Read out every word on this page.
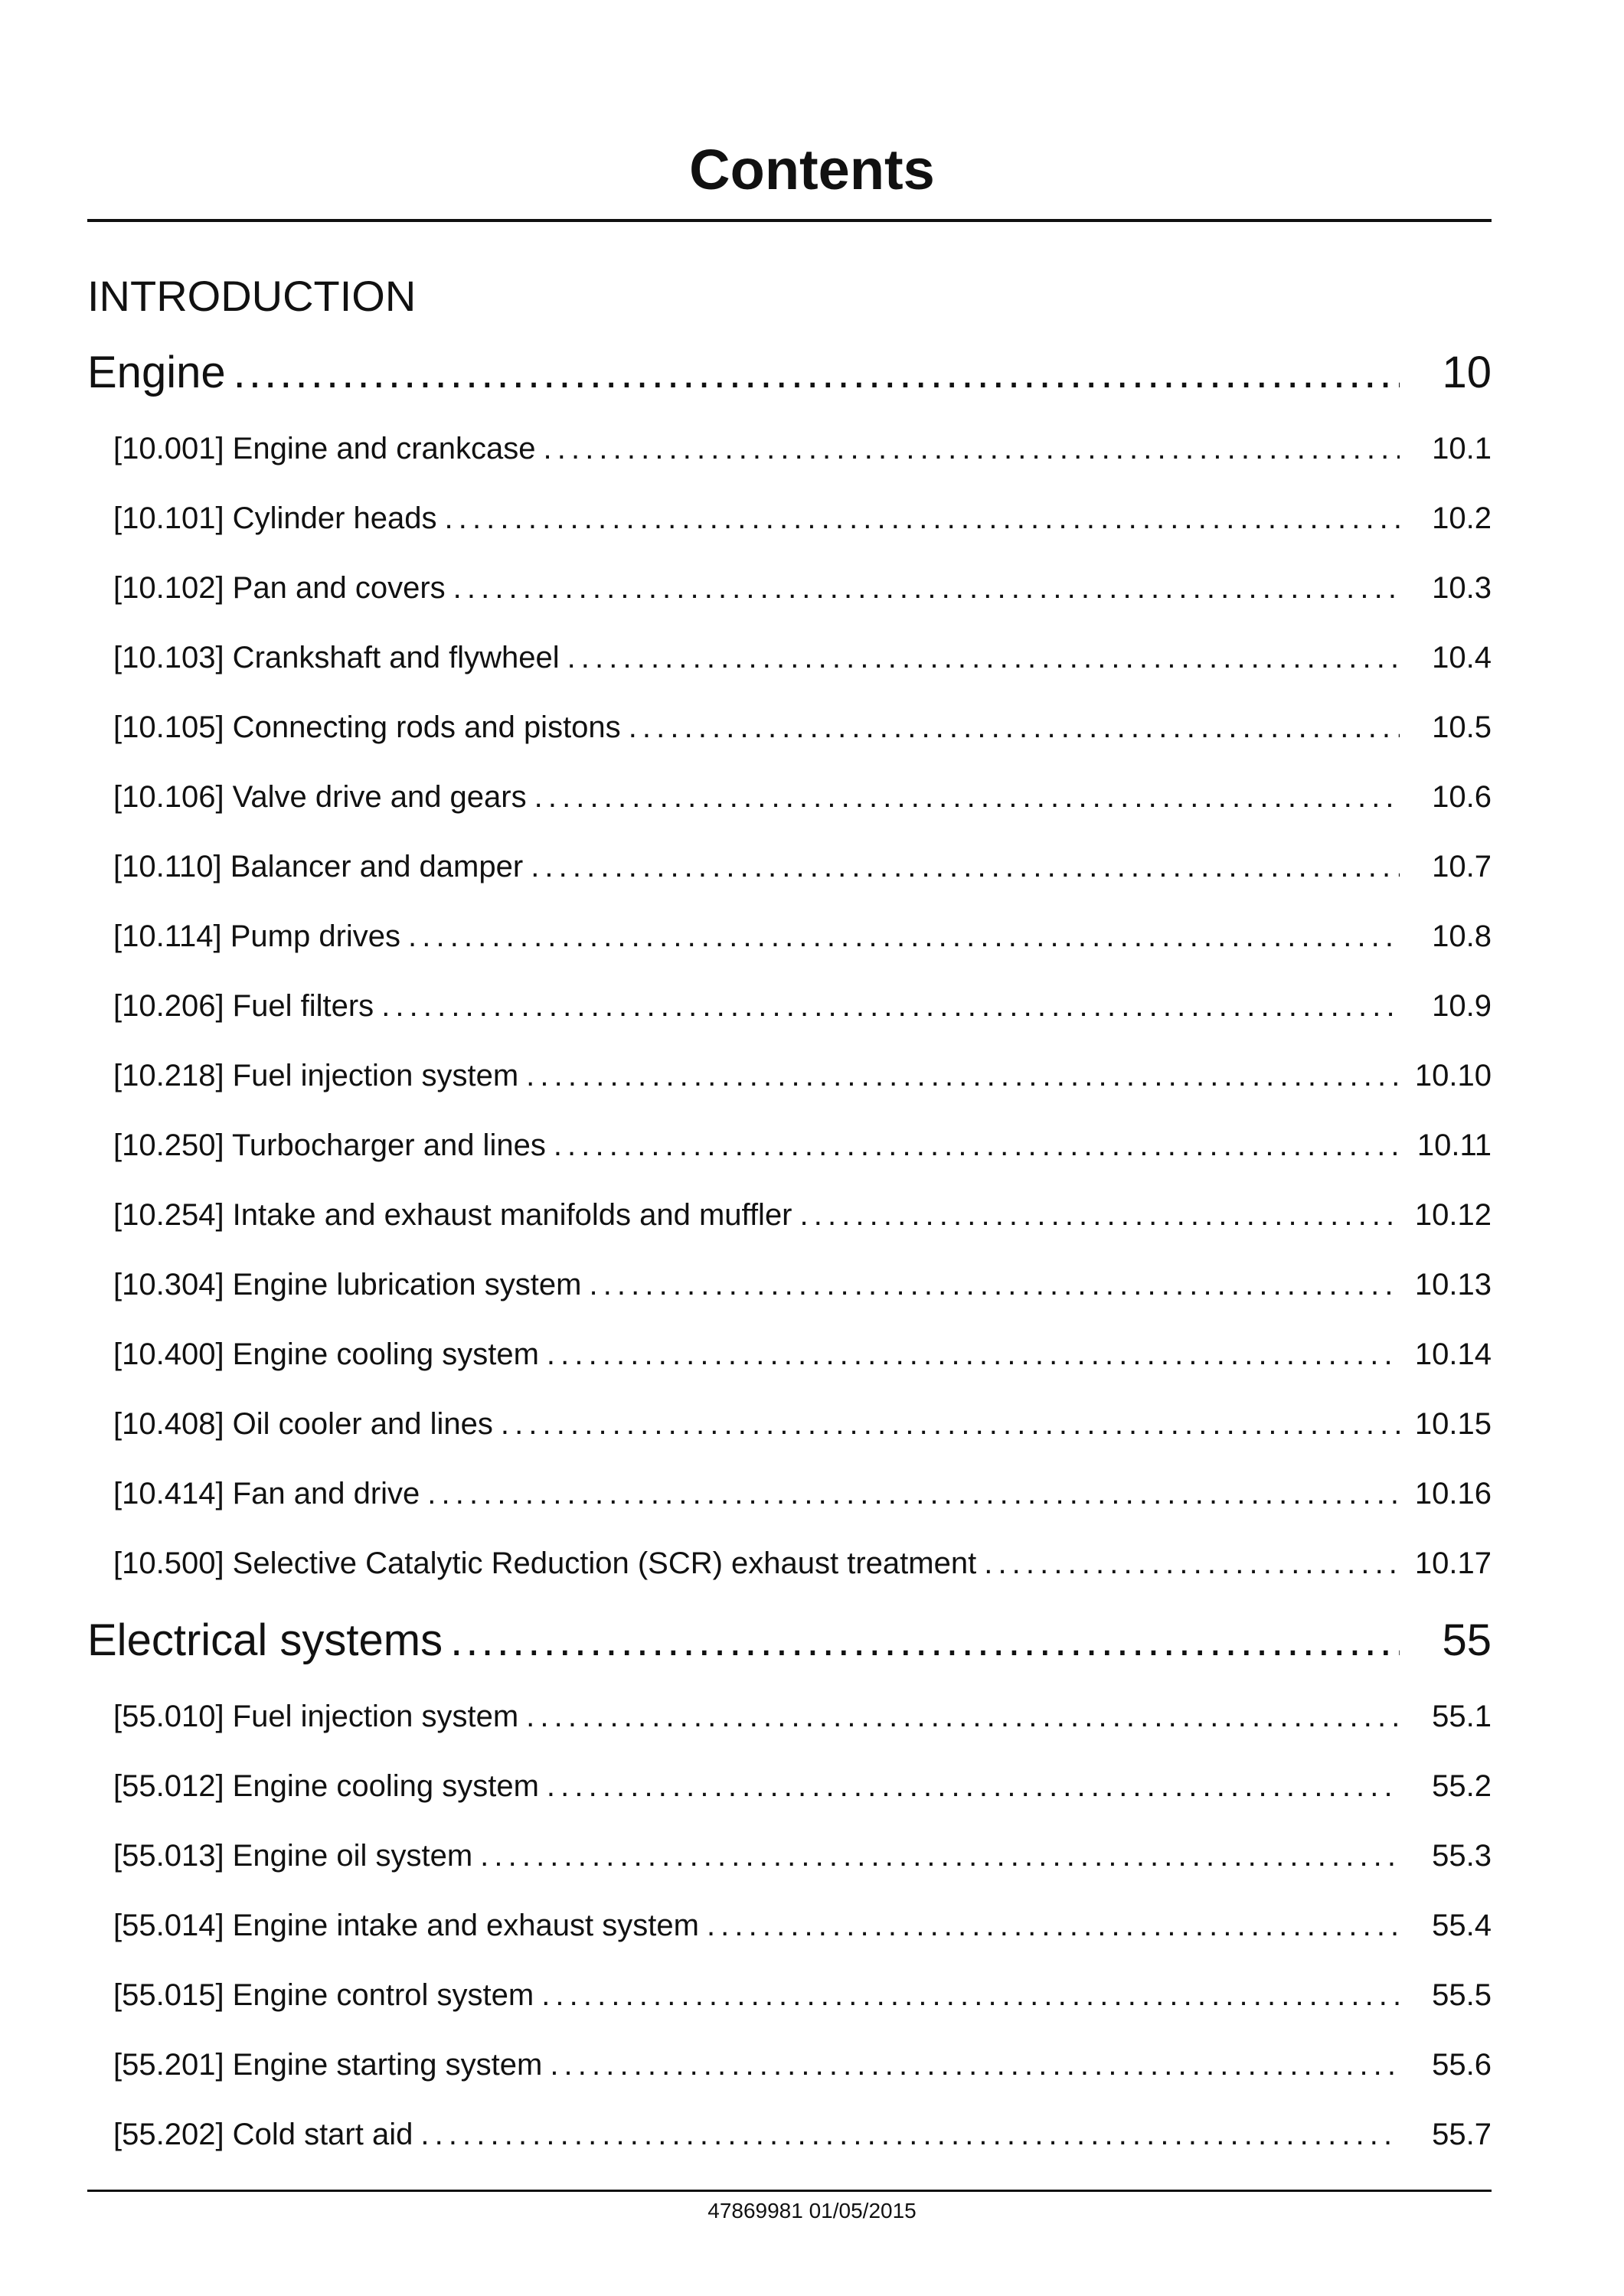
Contents
INTRODUCTION
Engine . . .	10
[10.001] Engine and crankcase . . .	10.1
[10.101] Cylinder heads . . .	10.2
[10.102] Pan and covers . . .	10.3
[10.103] Crankshaft and flywheel . . .	10.4
[10.105] Connecting rods and pistons . . .	10.5
[10.106] Valve drive and gears . . .	10.6
[10.110] Balancer and damper . . .	10.7
[10.114] Pump drives . . .	10.8
[10.206] Fuel filters . . .	10.9
[10.218] Fuel injection system . . .	10.10
[10.250] Turbocharger and lines . . .	10.11
[10.254] Intake and exhaust manifolds and muffler . . .	10.12
[10.304] Engine lubrication system . . .	10.13
[10.400] Engine cooling system . . .	10.14
[10.408] Oil cooler and lines . . .	10.15
[10.414] Fan and drive . . .	10.16
[10.500] Selective Catalytic Reduction (SCR) exhaust treatment . . .	10.17
Electrical systems . . .	55
[55.010] Fuel injection system . . .	55.1
[55.012] Engine cooling system . . .	55.2
[55.013] Engine oil system . . .	55.3
[55.014] Engine intake and exhaust system . . .	55.4
[55.015] Engine control system . . .	55.5
[55.201] Engine starting system . . .	55.6
[55.202] Cold start aid . . .	55.7
47869981 01/05/2015
